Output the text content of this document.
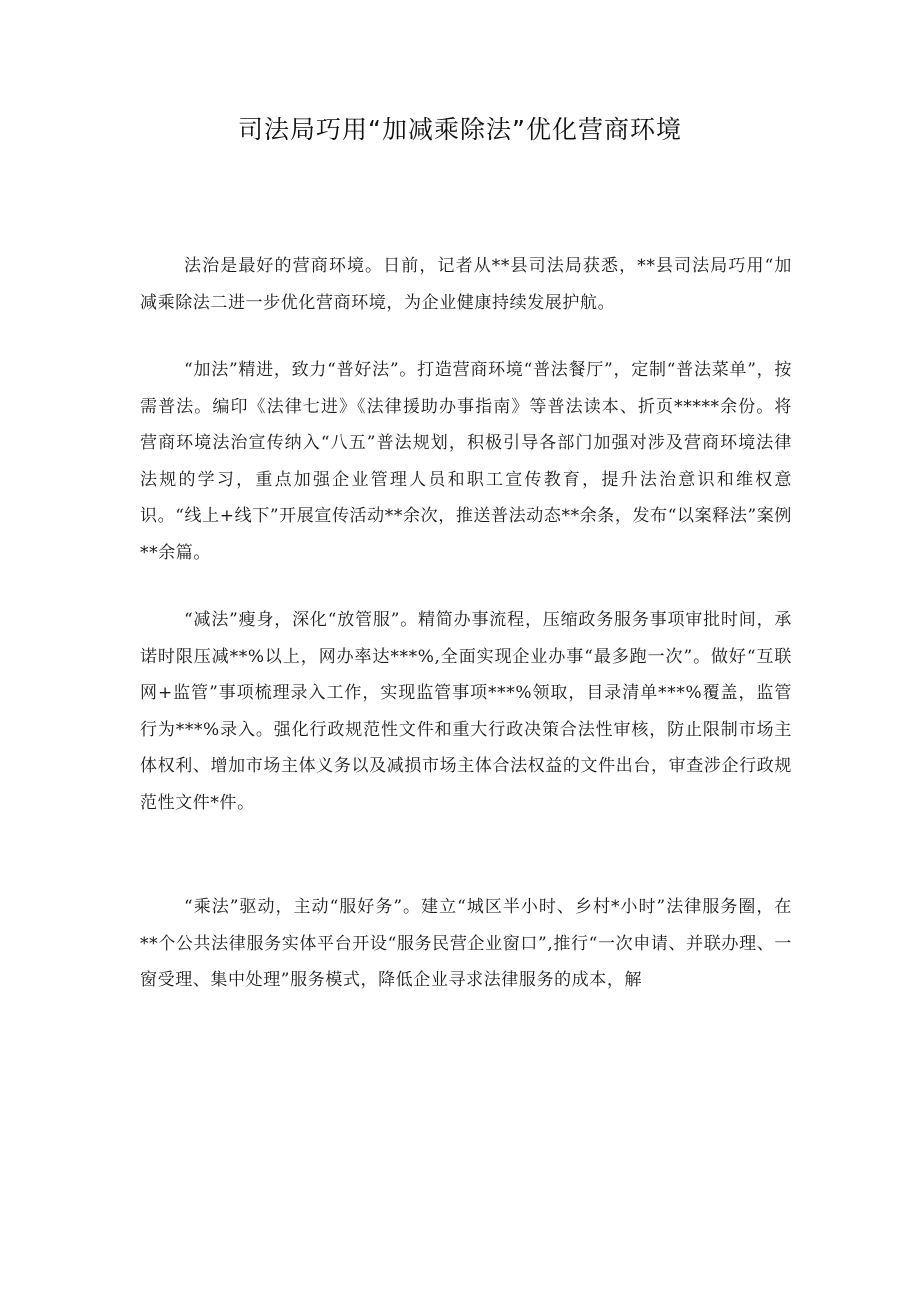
司法局巧用“加减乘除法”优化营商环境

法治是最好的营商环境。日前，记者从**县司法局获悉，**县司法局巧用“加减乘除法二进一步优化营商环境，为企业健康持续发展护航。

“加法”精进，致力“普好法”。打造营商环境“普法餐厅”，定制“普法菜单”，按需普法。编印《法律七进》《法律援助办事指南》等普法读本、折页*****余份。将营商环境法治宣传纳入“八五”普法规划，积极引导各部门加强对涉及营商环境法律法规的学习，重点加强企业管理人员和职工宣传教育，提升法治意识和维权意识。“线上+线下”开展宣传活动**余次，推送普法动态**余条，发布“以案释法”案例**余篇。

“减法”瘦身，深化“放管服”。精简办事流程，压缩政务服务事项审批时间，承诺时限压减**%以上，网办率达***%,全面实现企业办事“最多跑一次”。做好“互联网+监管”事项梳理录入工作，实现监管事项***%领取，目录清单***%覆盖，监管行为***%录入。强化行政规范性文件和重大行政决策合法性审核，防止限制市场主体权利、增加市场主体义务以及减损市场主体合法权益的文件出台，审查涉企行政规范性文件*件。

“乘法”驱动，主动“服好务”。建立“城区半小时、乡村*小时”法律服务圈，在**个公共法律服务实体平台开设“服务民营企业窗口”,推行“一次申请、并联办理、一窗受理、集中处理”服务模式，降低企业寻求法律服务的成本，解
